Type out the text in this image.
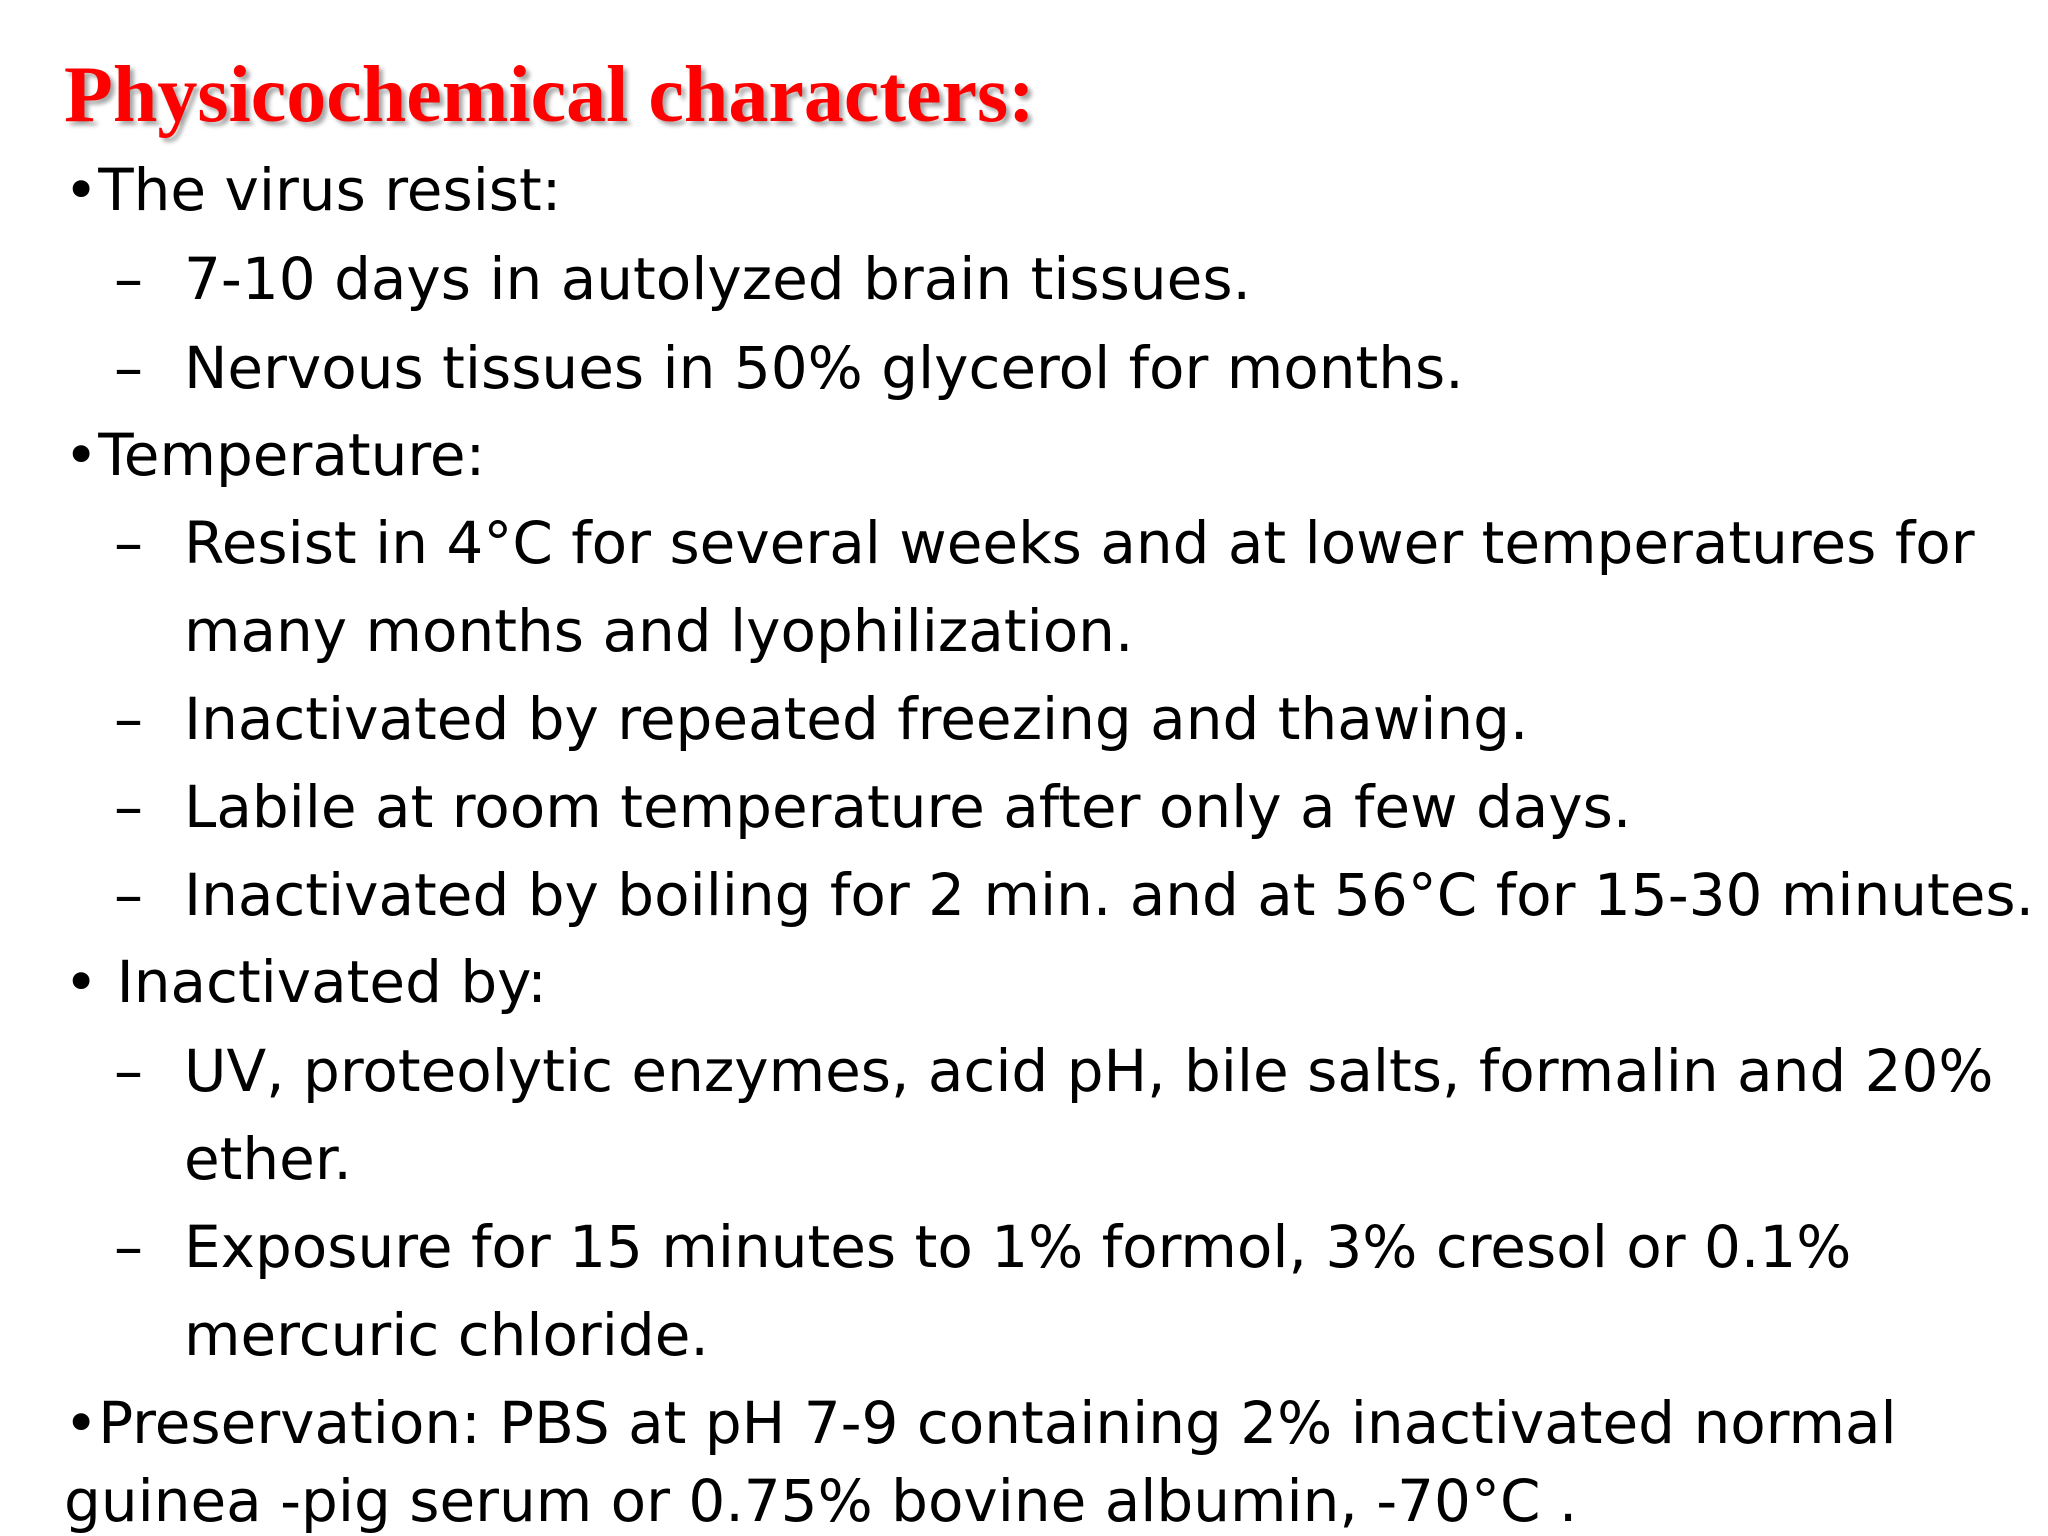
Physicochemical characters:
•The virus resist:
– 7-10 days in autolyzed brain tissues.
– Nervous tissues in 50% glycerol for months.
•Temperature:
– Resist in 4°C for several weeks and at lower temperatures for
many months and lyophilization.
– Inactivated by repeated freezing and thawing.
– Labile at room temperature after only a few days.
– Inactivated by boiling for 2 min. and at 56°C for 15-30 minutes.
• Inactivated by:
– UV, proteolytic enzymes, acid pH, bile salts, formalin and 20%
ether.
– Exposure for 15 minutes to 1% formol, 3% cresol or 0.1%
mercuric chloride.
•Preservation: PBS at pH 7-9 containing 2% inactivated normal
guinea -pig serum or 0.75% bovine albumin, -70°C .
